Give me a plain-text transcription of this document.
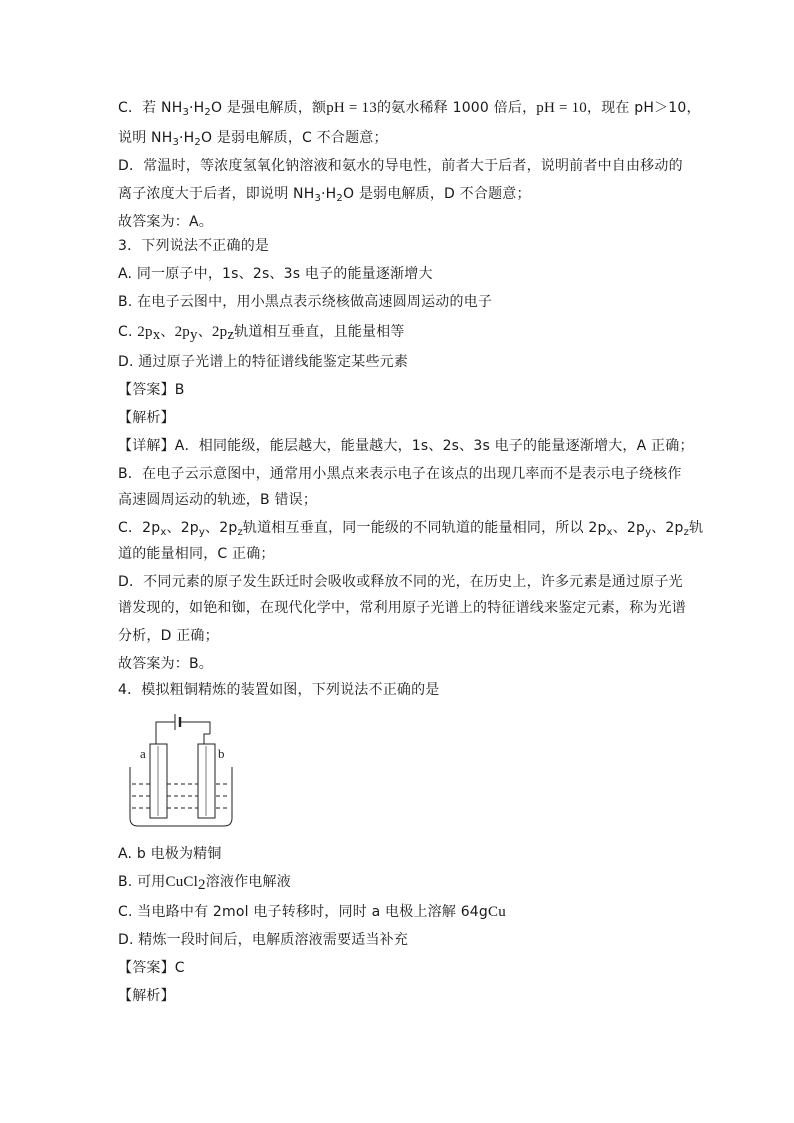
C．若 $NH_3\cdot H_2O$ 是强电解质，额pH = 13的氨水稀释 1000 倍后，pH = 10，现在 pH＞10，
说明 $NH_3\cdot H_2O$ 是弱电解质，C 不合题意；
D．常温时，等浓度氢氧化钠溶液和氨水的导电性，前者大于后者，说明前者中自由移动的
离子浓度大于后者，即说明 $NH_3\cdot H_2O$ 是弱电解质，D 不合题意；
故答案为：A。
3．下列说法不正确的是
A. 同一原子中，1s、2s、3s 电子的能量逐渐增大
B. 在电子云图中，用小黑点表示绕核做高速圆周运动的电子
C. $2p_x$、$2p_y$、$2p_z$轨道相互垂直，且能量相等
D. 通过原子光谱上的特征谱线能鉴定某些元素
【答案】B
【解析】
【详解】A．相同能级，能层越大，能量越大，1s、2s、3s 电子的能量逐渐增大，A 正确；
B．在电子云示意图中，通常用小黑点来表示电子在该点的出现几率而不是表示电子绕核作
高速圆周运动的轨迹，B 错误；
C．$2p_x$、$2p_y$、$2p_z$轨道相互垂直，同一能级的不同轨道的能量相同，所以 $2p_x$、$2p_y$、$2p_z$轨
道的能量相同，C 正确；
D．不同元素的原子发生跃迁时会吸收或释放不同的光，在历史上，许多元素是通过原子光
谱发现的，如铯和铷，在现代化学中，常利用原子光谱上的特征谱线来鉴定元素，称为光谱
分析，D 正确；
故答案为：B。
4．模拟粗铜精炼的装置如图，下列说法不正确的是
a	b
A. b 电极为精铜
B. 可用CuCl$_2$溶液作电解液
C. 当电路中有 2mol 电子转移时，同时 a 电极上溶解 64gCu
D. 精炼一段时间后，电解质溶液需要适当补充
【答案】C
【解析】
